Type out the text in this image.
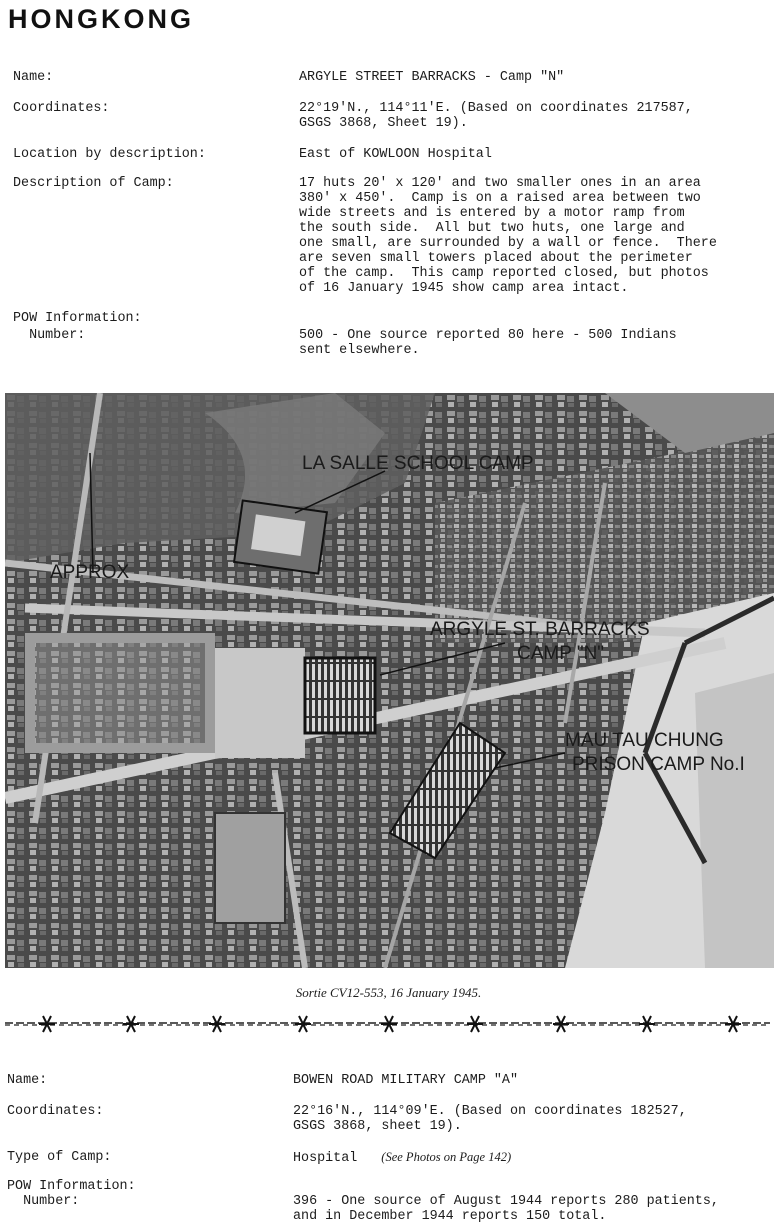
HONGKONG
Name:	ARGYLE STREET BARRACKS - Camp "N"
Coordinates:	22°19'N., 114°11'E. (Based on coordinates 217587,
GSGS 3868, Sheet 19).
Location by description:	East of KOWLOON Hospital
Description of Camp:	17 huts 20' x 120' and two smaller ones in an area
380' x 450'.  Camp is on a raised area between two
wide streets and is entered by a motor ramp from
the south side.  All but two huts, one large and
one small, are surrounded by a wall or fence.  There
are seven small towers placed about the perimeter
of the camp.  This camp reported closed, but photos
of 16 January 1945 show camp area intact.
POW Information:
Number:	500 - One source reported 80 here - 500 Indians
sent elsewhere.
LA SALLE SCHOOL CAMP
APPROX
ARGYLE ST. BARRACKS
CAMP "N"
MAU TAU CHUNG
PRISON CAMP No.I
Sortie CV12-553, 16 January 1945.
Name:	BOWEN ROAD MILITARY CAMP "A"
Coordinates:	22°16'N., 114°09'E. (Based on coordinates 182527,
GSGS 3868, sheet 19).
Type of Camp:	Hospital (See Photos on Page 142)
POW Information:
Number:	396 - One source of August 1944 reports 280 patients,
and in December 1944 reports 150 total.
